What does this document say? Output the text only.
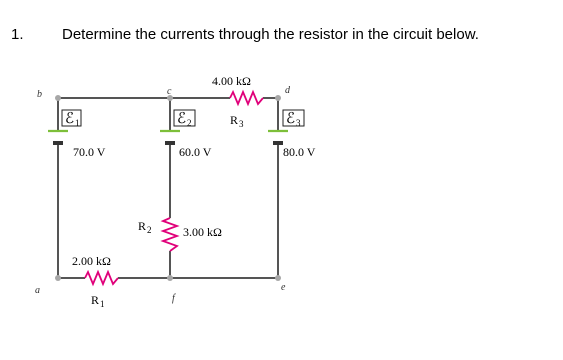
1.	Determine the currents through the resistor in the circuit below.
b	c	d
a
f
e
ℰ 1	ℰ 2	ℰ 3
70.0 V	60.0 V	80.0 V
4.00 kΩ
R 3
R 2	3.00 kΩ
2.00 kΩ
R 1
